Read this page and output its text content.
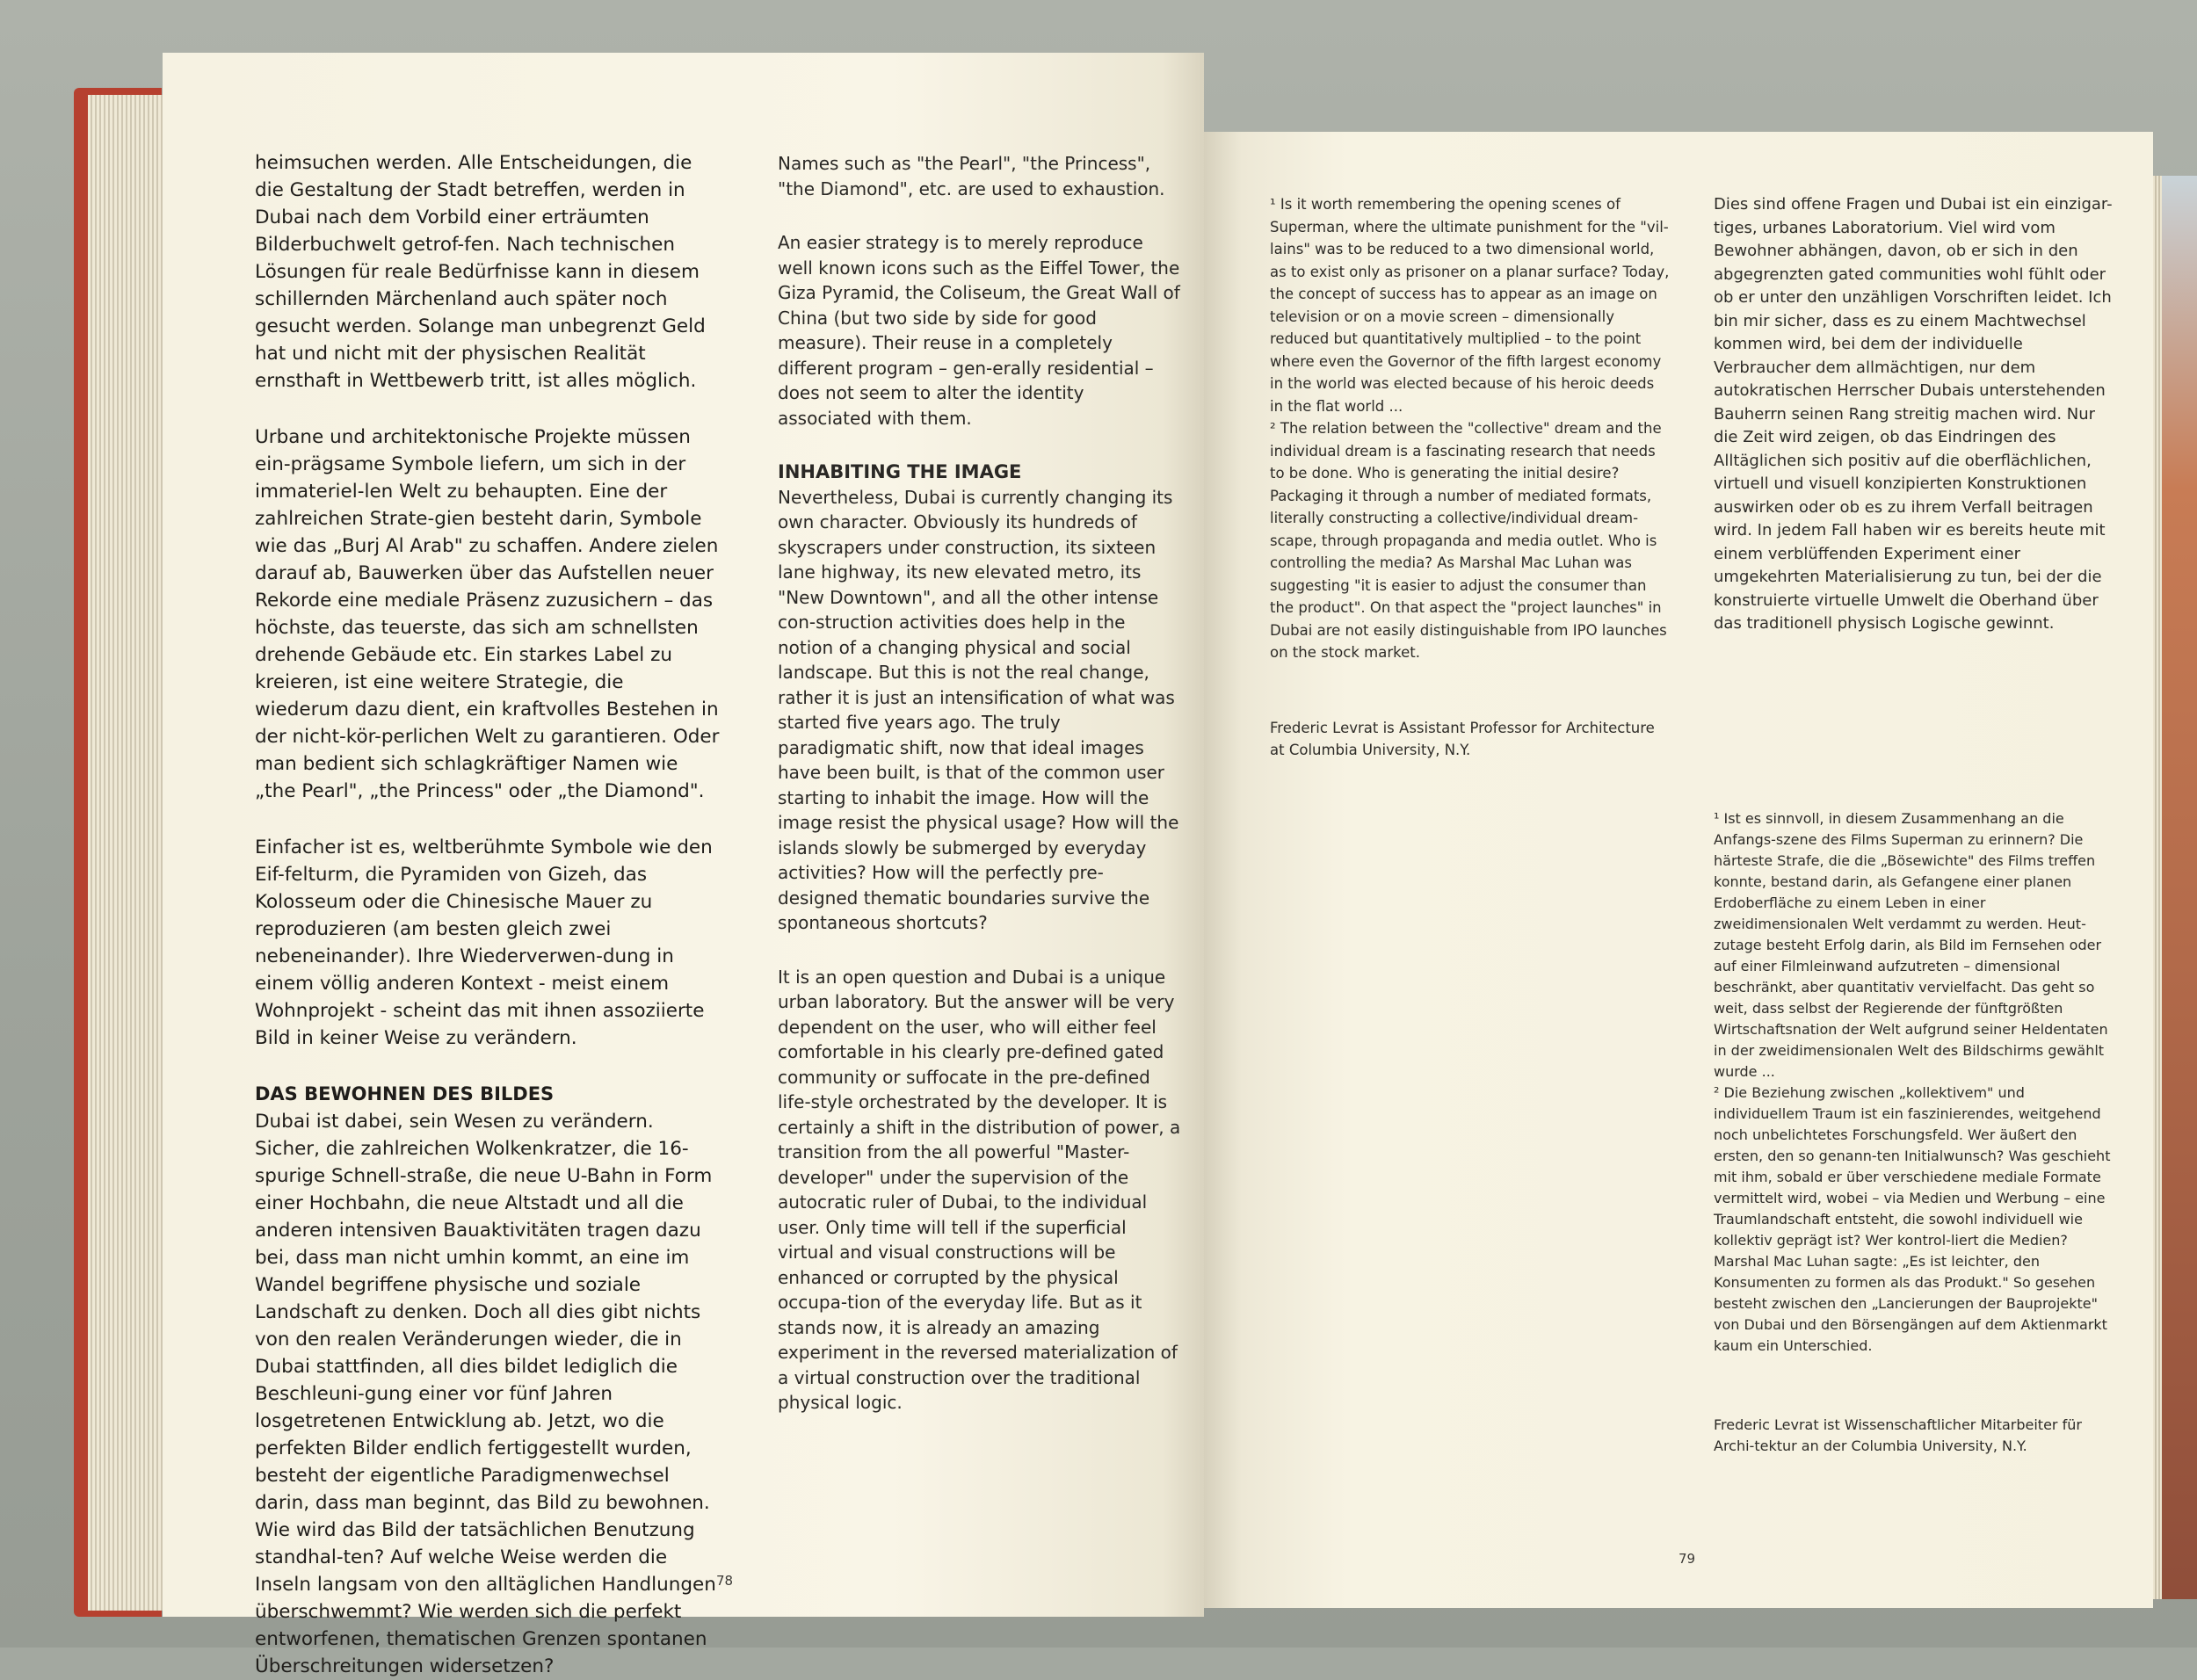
heimsuchen werden. Alle Entscheidungen, die die Gestaltung der Stadt betreffen, werden in Dubai nach dem Vorbild einer erträumten Bilderbuchwelt getrof-fen. Nach technischen Lösungen für reale Bedürfnisse kann in diesem schillernden Märchenland auch später noch gesucht werden. Solange man unbegrenzt Geld hat und nicht mit der physischen Realität ernsthaft in Wettbewerb tritt, ist alles möglich.

Urbane und architektonische Projekte müssen ein-prägsame Symbole liefern, um sich in der immateriel-len Welt zu behaupten. Eine der zahlreichen Strate-gien besteht darin, Symbole wie das „Burj Al Arab" zu schaffen. Andere zielen darauf ab, Bauwerken über das Aufstellen neuer Rekorde eine mediale Präsenz zuzusichern – das höchste, das teuerste, das sich am schnellsten drehende Gebäude etc. Ein starkes Label zu kreieren, ist eine weitere Strategie, die wiederum dazu dient, ein kraftvolles Bestehen in der nicht-kör-perlichen Welt zu garantieren. Oder man bedient sich schlagkräftiger Namen wie „the Pearl", „the Princess" oder „the Diamond".

Einfacher ist es, weltberühmte Symbole wie den Eif-felturm, die Pyramiden von Gizeh, das Kolosseum oder die Chinesische Mauer zu reproduzieren (am besten gleich zwei nebeneinander). Ihre Wiederverwen-dung in einem völlig anderen Kontext - meist einem Wohnprojekt - scheint das mit ihnen assoziierte Bild in keiner Weise zu verändern.

DAS BEWOHNEN DES BILDES

Dubai ist dabei, sein Wesen zu verändern. Sicher, die zahlreichen Wolkenkratzer, die 16-spurige Schnell-straße, die neue U-Bahn in Form einer Hochbahn, die neue Altstadt und all die anderen intensiven Bauaktivitäten tragen dazu bei, dass man nicht umhin kommt, an eine im Wandel begriffene physische und soziale Landschaft zu denken. Doch all dies gibt nichts von den realen Veränderungen wieder, die in Dubai stattfinden, all dies bildet lediglich die Beschleuni-gung einer vor fünf Jahren losgetretenen Entwicklung ab. Jetzt, wo die perfekten Bilder endlich fertiggestellt wurden, besteht der eigentliche Paradigmenwechsel darin, dass man beginnt, das Bild zu bewohnen. Wie wird das Bild der tatsächlichen Benutzung standhal-ten? Auf welche Weise werden die Inseln langsam von den alltäglichen Handlungen überschwemmt? Wie werden sich die perfekt entworfenen, thematischen Grenzen spontanen Überschreitungen widersetzen?

Names such as "the Pearl", "the Princess", "the Diamond", etc. are used to exhaustion.

An easier strategy is to merely reproduce well known icons such as the Eiffel Tower, the Giza Pyramid, the Coliseum, the Great Wall of China (but two side by side for good measure). Their reuse in a completely different program – gen-erally residential – does not seem to alter the identity associated with them.

INHABITING THE IMAGE

Nevertheless, Dubai is currently changing its own character. Obviously its hundreds of skyscrapers under construction, its sixteen lane highway, its new elevated metro, its "New Downtown", and all the other intense con-struction activities does help in the notion of a changing physical and social landscape. But this is not the real change, rather it is just an intensification of what was started five years ago. The truly paradigmatic shift, now that ideal images have been built, is that of the common user starting to inhabit the image. How will the image resist the physical usage? How will the islands slowly be submerged by everyday activities? How will the perfectly pre-designed thematic boundaries survive the spontaneous shortcuts?

It is an open question and Dubai is a unique urban laboratory. But the answer will be very dependent on the user, who will either feel comfortable in his clearly pre-defined gated community or suffocate in the pre-defined life-style orchestrated by the developer. It is certainly a shift in the distribution of power, a transition from the all powerful "Master-developer" under the supervision of the autocratic ruler of Dubai, to the individual user. Only time will tell if the superficial virtual and visual constructions will be enhanced or corrupted by the physical occupa-tion of the everyday life. But as it stands now, it is already an amazing experiment in the reversed materialization of a virtual construction over the traditional physical logic.

78

¹ Is it worth remembering the opening scenes of Superman, where the ultimate punishment for the "vil-lains" was to be reduced to a two dimensional world, as to exist only as prisoner on a planar surface? Today, the concept of success has to appear as an image on television or on a movie screen – dimensionally reduced but quantitatively multiplied – to the point where even the Governor of the fifth largest economy in the world was elected because of his heroic deeds in the flat world ...

² The relation between the "collective" dream and the individual dream is a fascinating research that needs to be done. Who is generating the initial desire? Packaging it through a number of mediated formats, literally constructing a collective/individual dream-scape, through propaganda and media outlet. Who is controlling the media? As Marshal Mac Luhan was suggesting "it is easier to adjust the consumer than the product". On that aspect the "project launches" in Dubai are not easily distinguishable from IPO launches on the stock market.

Frederic Levrat is Assistant Professor for Architecture at Columbia University, N.Y.

Dies sind offene Fragen und Dubai ist ein einzigar-tiges, urbanes Laboratorium. Viel wird vom Bewohner abhängen, davon, ob er sich in den abgegrenzten gated communities wohl fühlt oder ob er unter den unzähligen Vorschriften leidet. Ich bin mir sicher, dass es zu einem Machtwechsel kommen wird, bei dem der individuelle Verbraucher dem allmächtigen, nur dem autokratischen Herrscher Dubais unterstehenden Bauherrn seinen Rang streitig machen wird. Nur die Zeit wird zeigen, ob das Eindringen des Alltäglichen sich positiv auf die oberflächlichen, virtuell und visuell konzipierten Konstruktionen auswirken oder ob es zu ihrem Verfall beitragen wird. In jedem Fall haben wir es bereits heute mit einem verblüffenden Experiment einer umgekehrten Materialisierung zu tun, bei der die konstruierte virtuelle Umwelt die Oberhand über das traditionell physisch Logische gewinnt.

¹ Ist es sinnvoll, in diesem Zusammenhang an die Anfangs-szene des Films Superman zu erinnern? Die härteste Strafe, die die „Bösewichte" des Films treffen konnte, bestand darin, als Gefangene einer planen Erdoberfläche zu einem Leben in einer zweidimensionalen Welt verdammt zu werden. Heut-zutage besteht Erfolg darin, als Bild im Fernsehen oder auf einer Filmleinwand aufzutreten – dimensional beschränkt, aber quantitativ vervielfacht. Das geht so weit, dass selbst der Regierende der fünftgrößten Wirtschaftsnation der Welt aufgrund seiner Heldentaten in der zweidimensionalen Welt des Bildschirms gewählt wurde ...

² Die Beziehung zwischen „kollektivem" und individuellem Traum ist ein faszinierendes, weitgehend noch unbelichtetes Forschungsfeld. Wer äußert den ersten, den so genann-ten Initialwunsch? Was geschieht mit ihm, sobald er über verschiedene mediale Formate vermittelt wird, wobei – via Medien und Werbung – eine Traumlandschaft entsteht, die sowohl individuell wie kollektiv geprägt ist? Wer kontrol-liert die Medien? Marshal Mac Luhan sagte: „Es ist leichter, den Konsumenten zu formen als das Produkt." So gesehen besteht zwischen den „Lancierungen der Bauprojekte" von Dubai und den Börsengängen auf dem Aktienmarkt kaum ein Unterschied.

Frederic Levrat ist Wissenschaftlicher Mitarbeiter für Archi-tektur an der Columbia University, N.Y.

79
